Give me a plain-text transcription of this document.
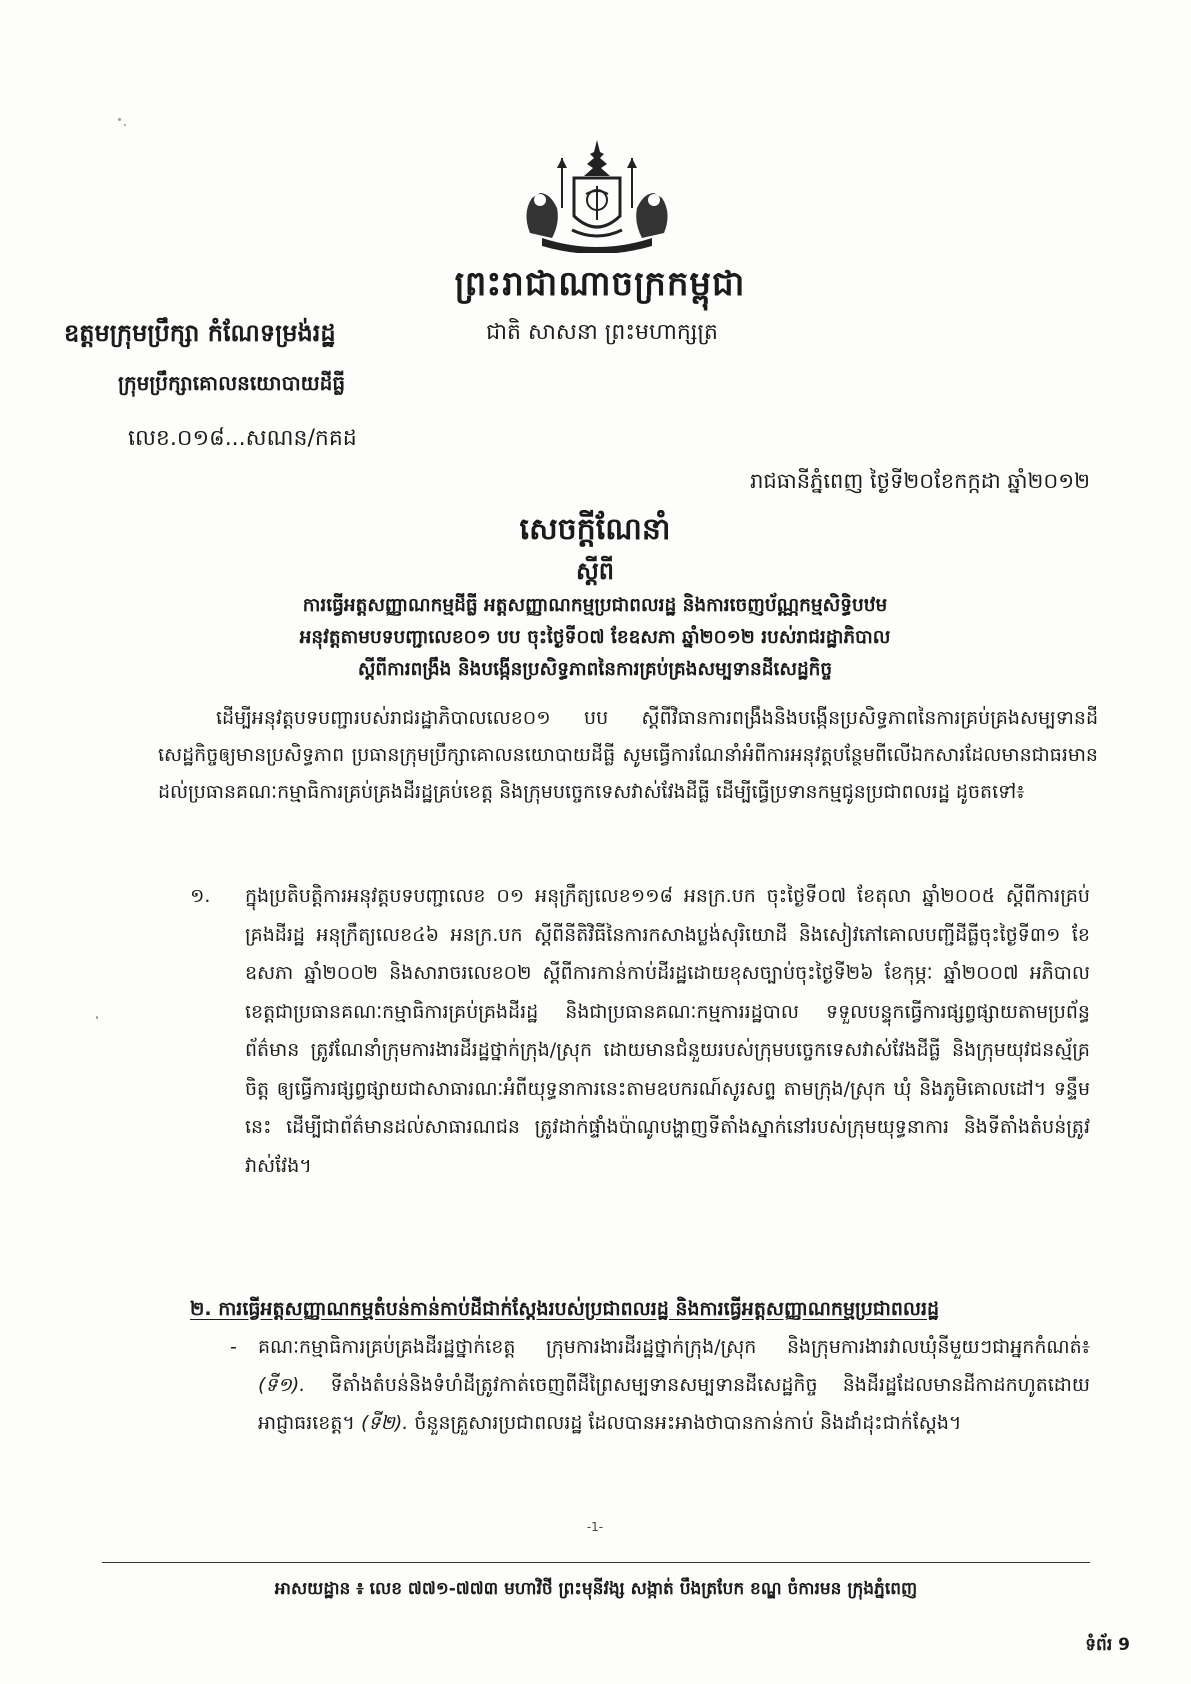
ព្រះរាជាណាចក្រកម្ពុជា
ជាតិ សាសនា ព្រះមហាក្សត្រ
ឧត្តមក្រុមប្រឹក្សា កំណែទម្រង់រដ្ឋ
ក្រុមប្រឹក្សាគោលនយោបាយដីធ្លី
លេខ.០១៨...សណន/កគដ
រាជធានីភ្នំពេញ ថ្ងៃទី២០ខែកក្កដា ឆ្នាំ២០១២
សេចក្តីណែនាំ
ស្តីពី
ការធ្វើអត្តសញ្ញាណកម្មដីធ្លី អត្តសញ្ញាណកម្មប្រជាពលរដ្ឋ និងការចេញប័ណ្ណកម្មសិទ្ធិបឋម
អនុវត្តតាមបទបញ្ជាលេខ០១ បប ចុះថ្ងៃទី០៧ ខែឧសភា ឆ្នាំ២០១២ របស់រាជរដ្ឋាភិបាល
ស្តីពីការពង្រឹង និងបង្កើនប្រសិទ្ធភាពនៃការគ្រប់គ្រងសម្បទានដីសេដ្ឋកិច្ច
ដើម្បីអនុវត្តបទបញ្ជារបស់រាជរដ្ឋាភិបាលលេខ០១ បប ស្តីពីវិធានការពង្រឹងនិងបង្កើនប្រសិទ្ធភាពនៃការគ្រប់គ្រងសម្បទានដីសេដ្ឋកិច្ចឲ្យមានប្រសិទ្ធភាព ប្រធានក្រុមប្រឹក្សាគោលនយោបាយដីធ្លី សូមធ្វើការណែនាំអំពីការអនុវត្តបន្ថែមពីលើឯកសារដែលមានជាធរមាន ដល់ប្រធានគណៈកម្មាធិការគ្រប់គ្រងដីរដ្ឋគ្រប់ខេត្ត និងក្រុមបច្ចេកទេសវាស់វែងដីធ្លី ដើម្បីធ្វើប្រទានកម្មជូនប្រជាពលរដ្ឋ ដូចតទៅ៖
១. ក្នុងប្រតិបត្តិការអនុវត្តបទបញ្ជាលេខ ០១ អនុក្រឹត្យលេខ១១៨ អនក្រ.បក ចុះថ្ងៃទី០៧ ខែតុលា ឆ្នាំ២០០៥ ស្តីពីការគ្រប់គ្រងដីរដ្ឋ អនុក្រឹត្យលេខ៤៦ អនក្រ.បក ស្តីពីនីតិវិធីនៃការកសាងប្លង់សុរិយោដី និងសៀវភៅគោលបញ្ជីដីធ្លីចុះថ្ងៃទី៣១ ខែឧសភា ឆ្នាំ២០០២ និងសារាចរលេខ០២ ស្តីពីការកាន់កាប់ដីរដ្ឋដោយខុសច្បាប់ចុះថ្ងៃទី២៦ ខែកុម្ភៈ ឆ្នាំ២០០៧ អភិបាលខេត្តជាប្រធានគណៈកម្មាធិការគ្រប់គ្រងដីរដ្ឋ និងជាប្រធានគណៈកម្មការរដ្ឋបាល ទទួលបន្ទុកធ្វើការផ្សព្វផ្សាយតាមប្រព័ន្ធព័ត៌មាន ត្រូវណែនាំក្រុមការងារដីរដ្ឋថ្នាក់ក្រុង/ស្រុក ដោយមានជំនួយរបស់ក្រុមបច្ចេកទេសវាស់វែងដីធ្លី និងក្រុមយុវជនស្ម័គ្រចិត្ត ឲ្យធ្វើការផ្សព្វផ្សាយជាសាធារណៈអំពីយុទ្ធនាការនេះតាមឧបករណ៍សូរសព្ទ តាមក្រុង/ស្រុក ឃុំ និងភូមិគោលដៅ។ ទន្ទឹមនេះ ដើម្បីជាព័ត៌មានដល់សាធារណជន ត្រូវដាក់ផ្ទាំងប៉ាណូបង្ហាញទីតាំងស្នាក់នៅរបស់ក្រុមយុទ្ធនាការ និងទីតាំងតំបន់ត្រូវវាស់វែង។
២. ការធ្វើអត្តសញ្ញាណកម្មតំបន់កាន់កាប់ដីជាក់ស្តែងរបស់ប្រជាពលរដ្ឋ និងការធ្វើអត្តសញ្ញាណកម្មប្រជាពលរដ្ឋ
- គណៈកម្មាធិការគ្រប់គ្រងដីរដ្ឋថ្នាក់ខេត្ត ក្រុមការងារដីរដ្ឋថ្នាក់ក្រុង/ស្រុក និងក្រុមការងារវាលឃុំនីមួយៗជាអ្នកកំណត់៖ (ទី១). ទីតាំងតំបន់និងទំហំដីត្រូវកាត់ចេញពីដីព្រៃសម្បទានសម្បទានដីសេដ្ឋកិច្ច និងដីរដ្ឋដែលមានដីកាដកហូតដោយអាជ្ញាធរខេត្ត។ (ទី២). ចំនួនគ្រួសារប្រជាពលរដ្ឋ ដែលបានអះអាងថាបានកាន់កាប់ និងដាំដុះជាក់ស្តែង។
-1-
អាសយដ្ឋាន ៖ លេខ ៧៧១-៧៧៣ មហាវិថី ព្រះមុនីវង្ស សង្កាត់ បឹងត្របែក ខណ្ឌ ចំការមន ក្រុងភ្នំពេញ
ទំព័រ 9
